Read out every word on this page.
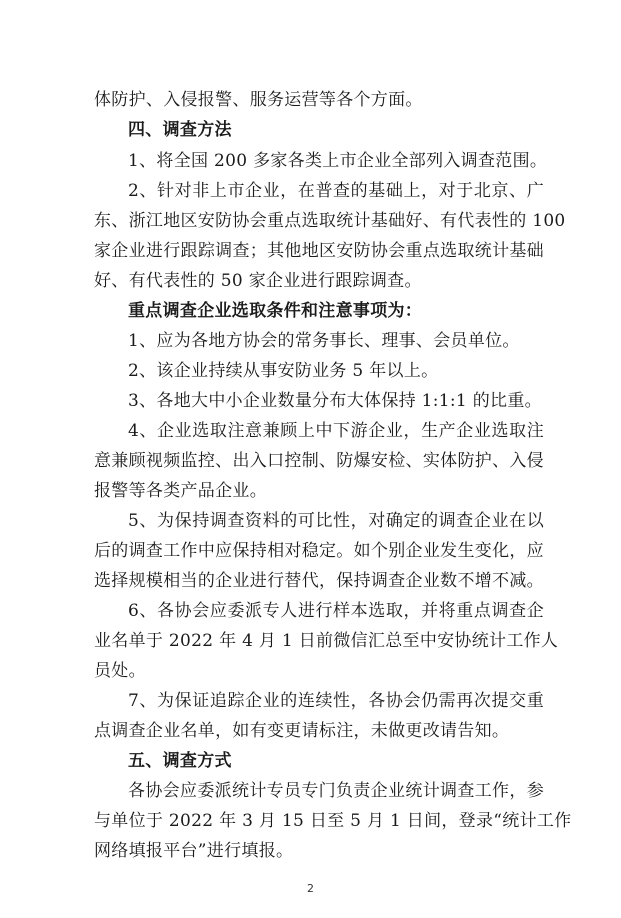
体防护、入侵报警、服务运营等各个方面。
四、调查方法
1、将全国 200 多家各类上市企业全部列入调查范围。
2、针对非上市企业，在普查的基础上，对于北京、广
东、浙江地区安防协会重点选取统计基础好、有代表性的 100
家企业进行跟踪调查；其他地区安防协会重点选取统计基础
好、有代表性的 50 家企业进行跟踪调查。
重点调查企业选取条件和注意事项为：
1、应为各地方协会的常务事长、理事、会员单位。
2、该企业持续从事安防业务 5 年以上。
3、各地大中小企业数量分布大体保持 1:1:1 的比重。
4、企业选取注意兼顾上中下游企业，生产企业选取注
意兼顾视频监控、出入口控制、防爆安检、实体防护、入侵
报警等各类产品企业。
5、为保持调查资料的可比性，对确定的调查企业在以
后的调查工作中应保持相对稳定。如个别企业发生变化，应
选择规模相当的企业进行替代，保持调查企业数不增不减。
6、各协会应委派专人进行样本选取，并将重点调查企
业名单于 2022 年 4 月 1 日前微信汇总至中安协统计工作人
员处。
7、为保证追踪企业的连续性，各协会仍需再次提交重
点调查企业名单，如有变更请标注，未做更改请告知。
五、调查方式
各协会应委派统计专员专门负责企业统计调查工作，参
与单位于 2022 年 3 月 15 日至 5 月 1 日间，登录“统计工作
网络填报平台”进行填报。
2
